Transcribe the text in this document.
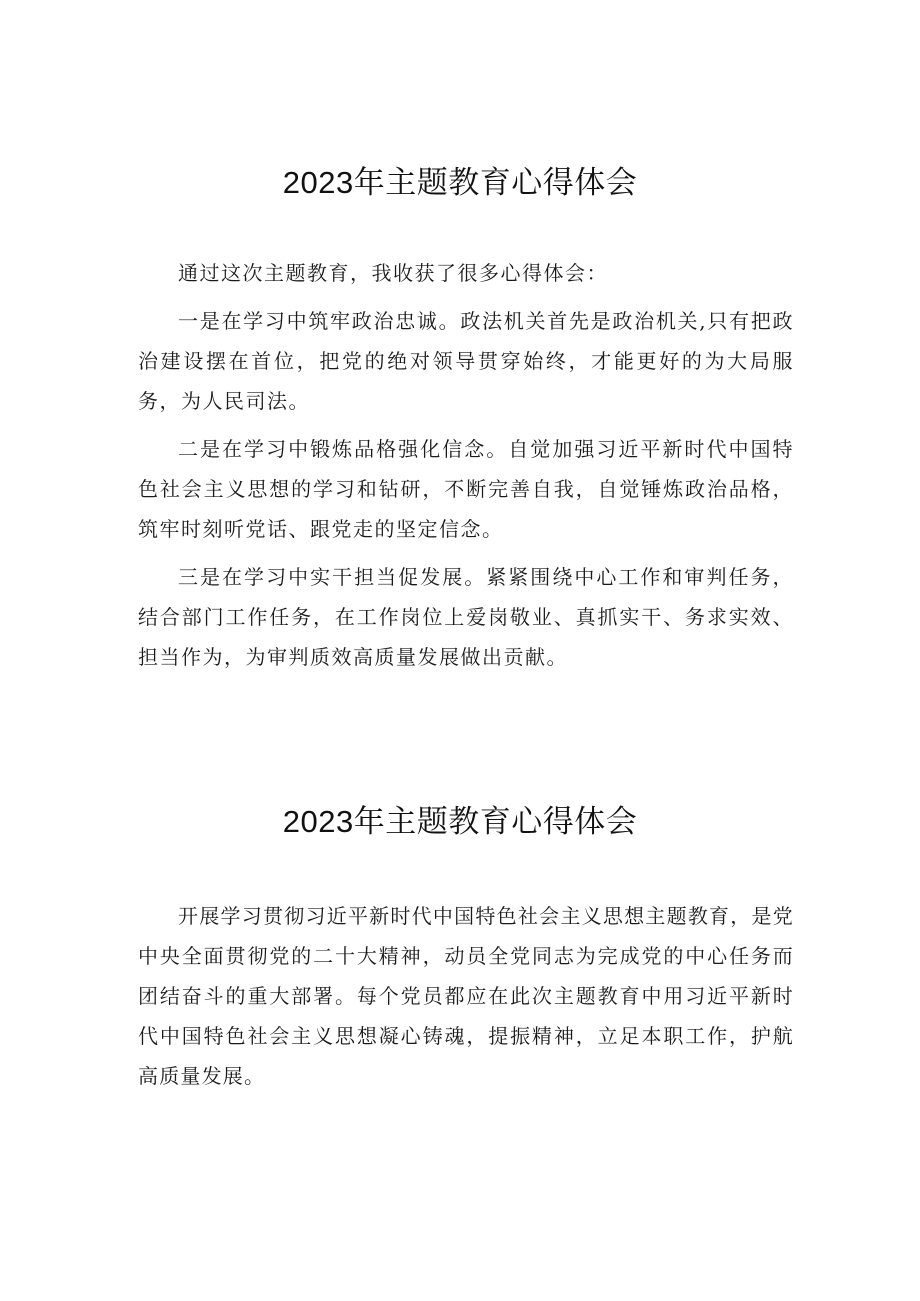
2023年主题教育心得体会

通过这次主题教育，我收获了很多心得体会：

一是在学习中筑牢政治忠诚。政法机关首先是政治机关,只有把政治建设摆在首位，把党的绝对领导贯穿始终，才能更好的为大局服务，为人民司法。

二是在学习中锻炼品格强化信念。自觉加强习近平新时代中国特色社会主义思想的学习和钻研，不断完善自我，自觉锤炼政治品格，筑牢时刻听党话、跟党走的坚定信念。

三是在学习中实干担当促发展。紧紧围绕中心工作和审判任务，结合部门工作任务，在工作岗位上爱岗敬业、真抓实干、务求实效、担当作为，为审判质效高质量发展做出贡献。

2023年主题教育心得体会

开展学习贯彻习近平新时代中国特色社会主义思想主题教育，是党中央全面贯彻党的二十大精神，动员全党同志为完成党的中心任务而团结奋斗的重大部署。每个党员都应在此次主题教育中用习近平新时代中国特色社会主义思想凝心铸魂，提振精神，立足本职工作，护航高质量发展。
